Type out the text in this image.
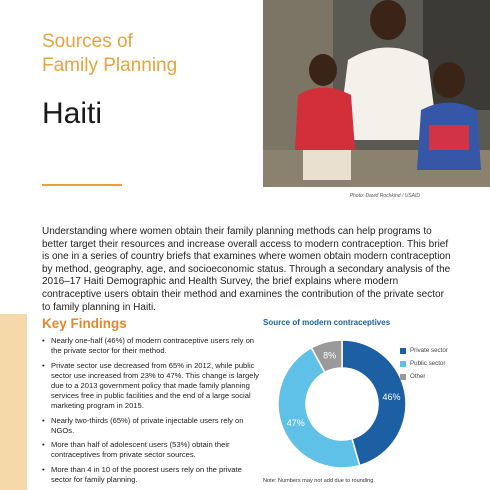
Sources of
Family Planning
Haiti
Photo: David Rochkind / USAID

Understanding where women obtain their family planning methods can help programs to better target their resources and increase overall access to modern contraception. This brief is one in a series of country briefs that examines where women obtain modern contraception by method, geography, age, and socioeconomic status. Through a secondary analysis of the 2016–17 Haiti Demographic and Health Survey, the brief explains where modern contraceptive users obtain their method and examines the contribution of the private sector to family planning in Haiti.

Key Findings
• Nearly one-half (46%) of modern contraceptive users rely on the private sector for their method.
• Private sector use decreased from 65% in 2012, while public sector use increased from 23% to 47%. This change is largely due to a 2013 government policy that made family planning services free in public facilities and the end of a large social marketing program in 2015.
• Nearly two-thirds (65%) of private injectable users rely on NGOs.
• More than half of adolescent users (53%) obtain their contraceptives from private sector sources.
• More than 4 in 10 of the poorest users rely on the private sector for family planning.
Source of modern contraceptives
46%
47%
8%
Private sector
Public sector
Other
Note: Numbers may not add due to rounding.
